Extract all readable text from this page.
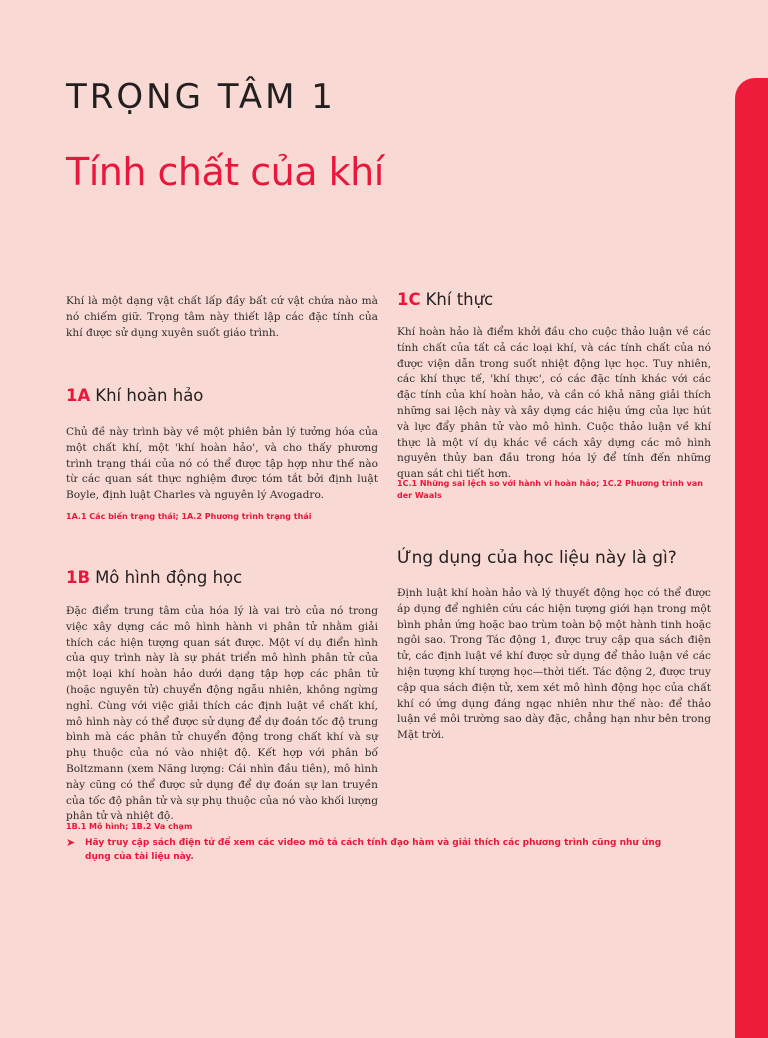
TRỌNG TÂM 1
Tính chất của khí

Khí là một dạng vật chất lấp đầy bất cứ vật chứa nào mà nó chiếm giữ. Trọng tâm này thiết lập các đặc tính của khí được sử dụng xuyên suốt giáo trình.

1A Khí hoàn hảo

Chủ đề này trình bày về một phiên bản lý tưởng hóa của một chất khí, một 'khí hoàn hảo', và cho thấy phương trình trạng thái của nó có thể được tập hợp như thế nào từ các quan sát thực nghiệm được tóm tắt bởi định luật Boyle, định luật Charles và nguyên lý Avogadro.

1A.1 Các biến trạng thái; 1A.2 Phương trình trạng thái

1B Mô hình động học

Đặc điểm trung tâm của hóa lý là vai trò của nó trong việc xây dựng các mô hình hành vi phân tử nhằm giải thích các hiện tượng quan sát được. Một ví dụ điển hình của quy trình này là sự phát triển mô hình phân tử của một loại khí hoàn hảo dưới dạng tập hợp các phân tử (hoặc nguyên tử) chuyển động ngẫu nhiên, không ngừng nghỉ. Cùng với việc giải thích các định luật về chất khí, mô hình này có thể được sử dụng để dự đoán tốc độ trung bình mà các phân tử chuyển động trong chất khí và sự phụ thuộc của nó vào nhiệt độ. Kết hợp với phân bố Boltzmann (xem Năng lượng: Cái nhìn đầu tiên), mô hình này cũng có thể được sử dụng để dự đoán sự lan truyền của tốc độ phân tử và sự phụ thuộc của nó vào khối lượng phân tử và nhiệt độ.

1B.1 Mô hình; 1B.2 Va chạm

1C Khí thực

Khí hoàn hảo là điểm khởi đầu cho cuộc thảo luận về các tính chất của tất cả các loại khí, và các tính chất của nó được viện dẫn trong suốt nhiệt động lực học. Tuy nhiên, các khí thực tế, 'khí thực', có các đặc tính khác với các đặc tính của khí hoàn hảo, và cần có khả năng giải thích những sai lệch này và xây dựng các hiệu ứng của lực hút và lực đẩy phân tử vào mô hình. Cuộc thảo luận về khí thực là một ví dụ khác về cách xây dựng các mô hình nguyên thủy ban đầu trong hóa lý để tính đến những quan sát chi tiết hơn.

1C.1 Những sai lệch so với hành vi hoàn hảo; 1C.2 Phương trình van der Waals

Ứng dụng của học liệu này là gì?

Định luật khí hoàn hảo và lý thuyết động học có thể được áp dụng để nghiên cứu các hiện tượng giới hạn trong một bình phản ứng hoặc bao trùm toàn bộ một hành tinh hoặc ngôi sao. Trong Tác động 1, được truy cập qua sách điện tử, các định luật về khí được sử dụng để thảo luận về các hiện tượng khí tượng học—thời tiết. Tác động 2, được truy cập qua sách điện tử, xem xét mô hình động học của chất khí có ứng dụng đáng ngạc nhiên như thế nào: để thảo luận về môi trường sao dày đặc, chẳng hạn như bên trong Mặt trời.

➤	Hãy truy cập sách điện tử để xem các video mô tả cách tính đạo hàm và giải thích các phương trình cũng như ứng dụng của tài liệu này.
